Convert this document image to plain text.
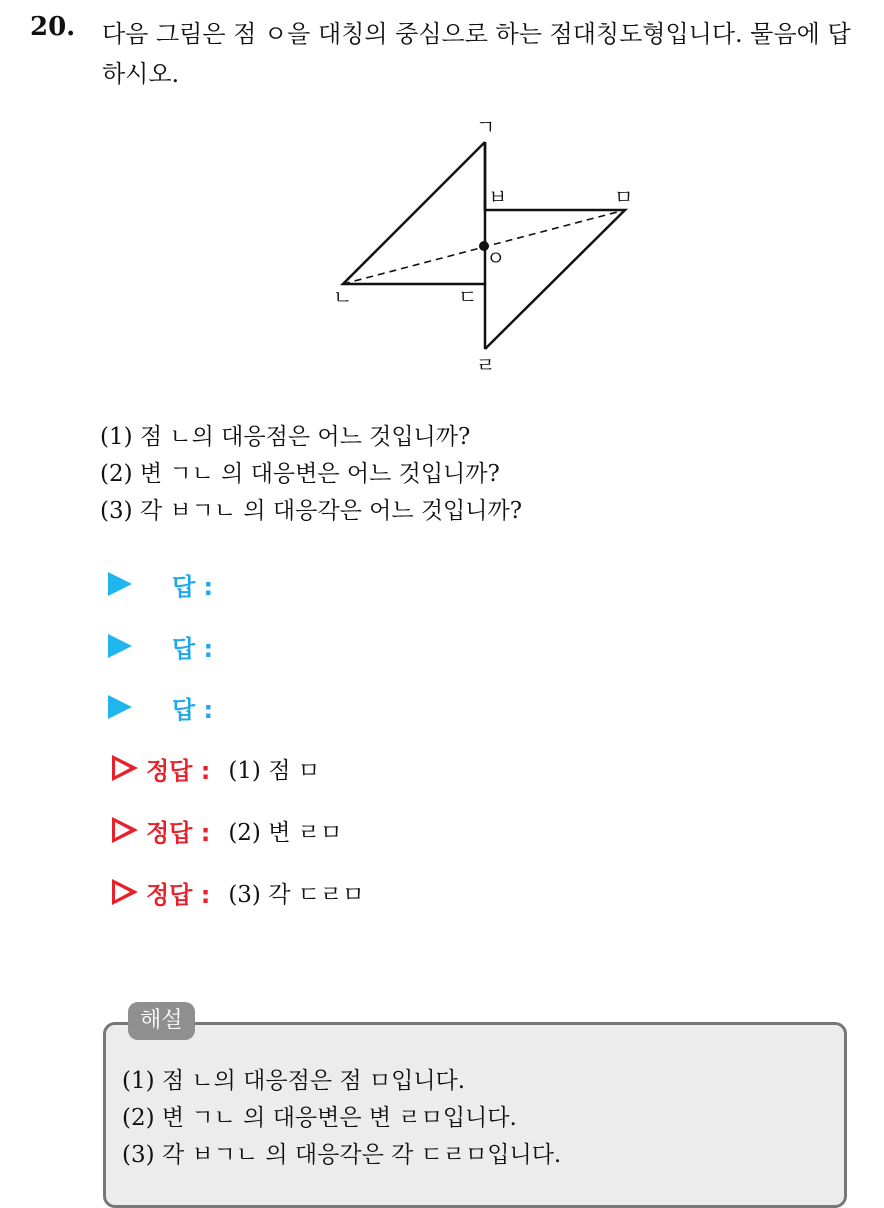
20. 다음 그림은 점 ㅇ을 대칭의 중심으로 하는 점대칭도형입니다. 물음에 답하시오.
ㄱ
ㅂ	ㅁ
ㅇ
ㄴ	ㄷ
ㄹ
(1) 점 ㄴ의 대응점은 어느 것입니까?
(2) 변 ㄱㄴ 의 대응변은 어느 것입니까?
(3) 각 ㅂㄱㄴ 의 대응각은 어느 것입니까?
답 :
답 :
답 :
정답 : (1) 점 ㅁ
정답 : (2) 변 ㄹㅁ
정답 : (3) 각 ㄷㄹㅁ
해설
(1) 점 ㄴ의 대응점은 점 ㅁ입니다.
(2) 변 ㄱㄴ 의 대응변은 변 ㄹㅁ입니다.
(3) 각 ㅂㄱㄴ 의 대응각은 각 ㄷㄹㅁ입니다.
